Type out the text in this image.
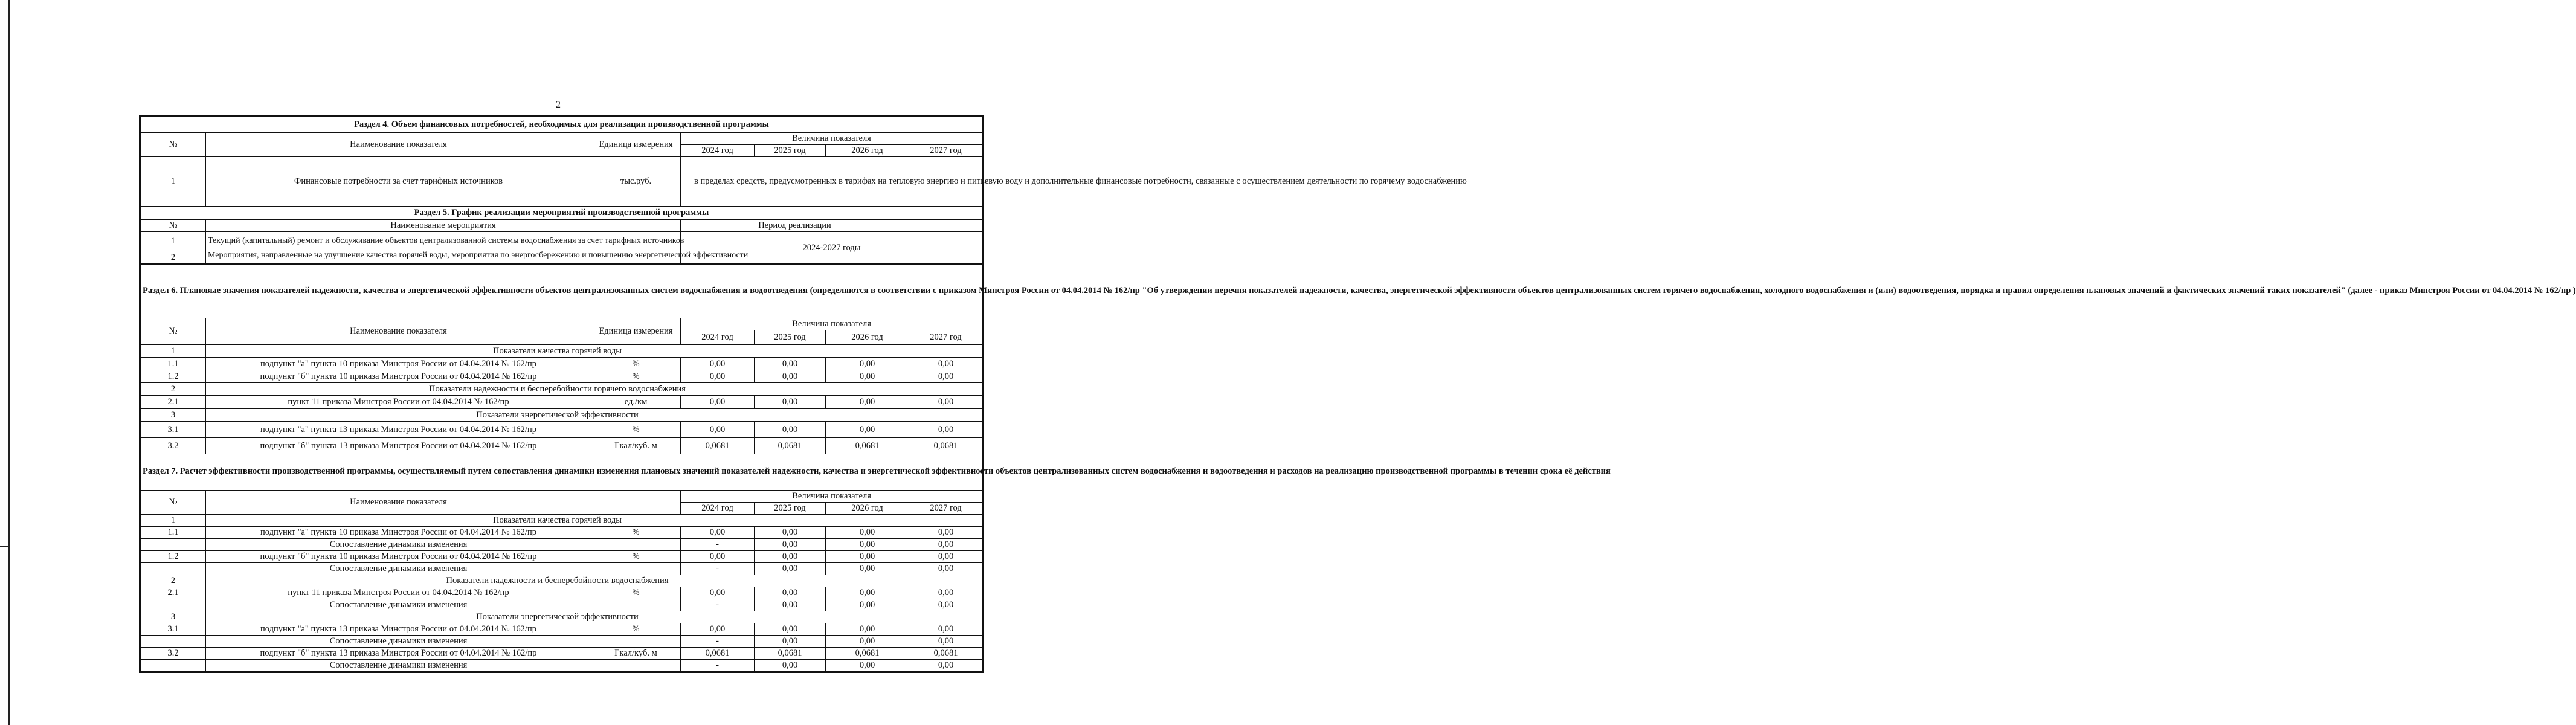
2
Раздел 4. Объем финансовых потребностей, необходимых для реализации производственной программы						
№	Наименование показателя	Единица измерения	Величина показателя			
			2024 год	2025 год	2026 год	2027 год
1	Финансовые потребности за счет тарифных источников	тыс.руб.	в пределах средств, предусмотренных в тарифах на тепловую энергию и питьевую воду и дополнительные финансовые потребности, связанные с осуществлением деятельности по горячему водоснабжению			
Раздел 5. График реализации мероприятий производственной программы			
№	Наименование мероприятия	Период реализации	
1	Текущий (капитальный) ремонт и обслуживание объектов централизованной системы водоснабжения за счет тарифных источников	2024-2027 годы	
2	Мероприятия, направленные на улучшение качества горячей воды, мероприятия по энергосбережению и повышению энергетической эффективности		
Раздел 6. Плановые значения показателей надежности, качества и энергетической эффективности объектов централизованных систем водоснабжения и водоотведения (определяются в соответствии с приказом Минстроя России от 04.04.2014 № 162/пр "Об утверждении перечня показателей надежности, качества, энергетической эффективности объектов централизованных систем горячего водоснабжения, холодного водоснабжения и (или) водоотведения, порядка и правил определения плановых значений и фактических значений таких показателей" (далее - приказ Минстроя России от 04.04.2014 № 162/пр )						
№	Наименование показателя	Единица измерения	Величина показателя			
			2024 год	2025 год	2026 год	2027 год
1	Показатели качества горячей воды					
1.1	подпункт "а" пункта 10 приказа Минстроя России от 04.04.2014 № 162/пр	%	0,00	0,00	0,00	0,00
1.2	подпункт "б" пункта 10 приказа Минстроя России от 04.04.2014 № 162/пр	%	0,00	0,00	0,00	0,00
2	Показатели надежности и бесперебойности горячего водоснабжения					
2.1	пункт 11 приказа Минстроя России от 04.04.2014 № 162/пр	ед./км	0,00	0,00	0,00	0,00
3	Показатели энергетической эффективности					
3.1	подпункт "а" пункта 13 приказа Минстроя России от 04.04.2014 № 162/пр	%	0,00	0,00	0,00	0,00
3.2	подпункт "б" пункта 13 приказа Минстроя России от 04.04.2014 № 162/пр	Гкал/куб. м	0,0681	0,0681	0,0681	0,0681
Раздел 7. Расчет эффективности производственной программы, осуществляемый путем сопоставления динамики изменения плановых значений показателей надежности, качества и энергетической эффективности объектов централизованных систем водоснабжения и водоотведения и расходов на реализацию производственной программы в течении срока её действия						
№	Наименование показателя		Величина показателя			
			2024 год	2025 год	2026 год	2027 год
1	Показатели качества горячей воды					
1.1	подпункт "а" пункта 10 приказа Минстроя России от 04.04.2014 № 162/пр	%	0,00	0,00	0,00	0,00
	Сопоставление динамики изменения		-	0,00	0,00	0,00
1.2	подпункт "б" пункта 10 приказа Минстроя России от 04.04.2014 № 162/пр	%	0,00	0,00	0,00	0,00
	Сопоставление динамики изменения		-	0,00	0,00	0,00
2	Показатели надежности и бесперебойности водоснабжения					
2.1	пункт 11 приказа Минстроя России от 04.04.2014 № 162/пр	%	0,00	0,00	0,00	0,00
	Сопоставление динамики изменения		-	0,00	0,00	0,00
3	Показатели энергетической эффективности					
3.1	подпункт "а" пункта 13 приказа Минстроя России от 04.04.2014 № 162/пр	%	0,00	0,00	0,00	0,00
	Сопоставление динамики изменения		-	0,00	0,00	0,00
3.2	подпункт "б" пункта 13 приказа Минстроя России от 04.04.2014 № 162/пр	Гкал/куб. м	0,0681	0,0681	0,0681	0,0681
	Сопоставление динамики изменения		-	0,00	0,00	0,00
